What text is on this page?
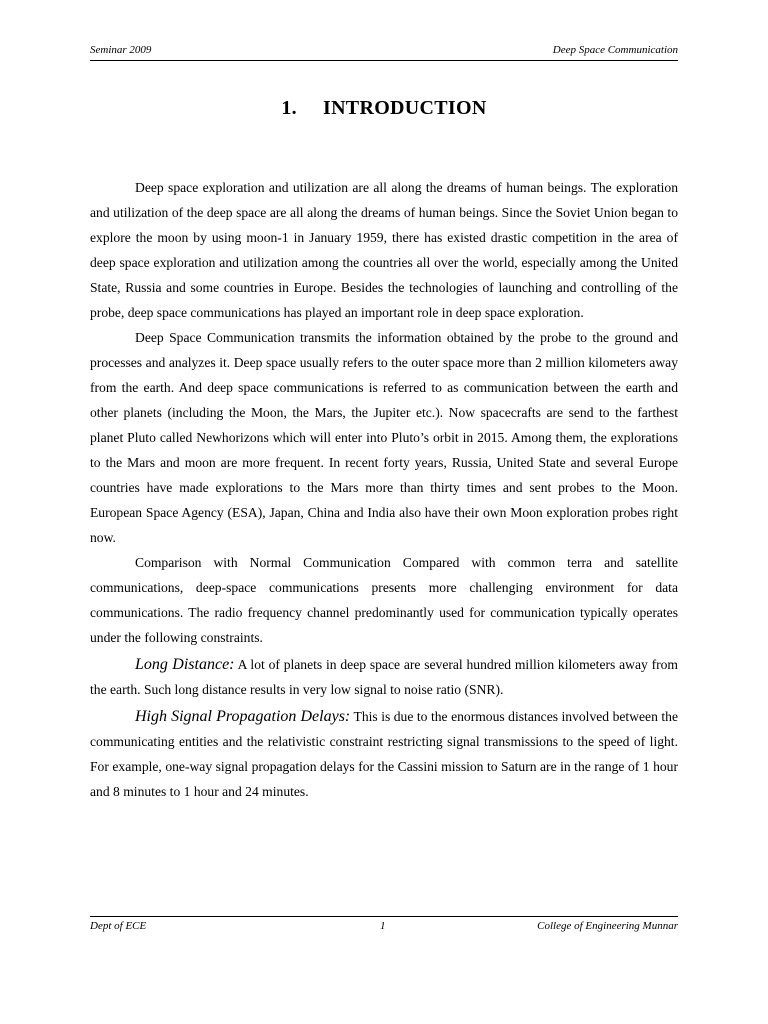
Seminar 2009	Deep Space Communication
1. INTRODUCTION

Deep space exploration and utilization are all along the dreams of human beings. The exploration and utilization of the deep space are all along the dreams of human beings. Since the Soviet Union began to explore the moon by using moon-1 in January 1959, there has existed drastic competition in the area of deep space exploration and utilization among the countries all over the world, especially among the United State, Russia and some countries in Europe. Besides the technologies of launching and controlling of the probe, deep space communications has played an important role in deep space exploration.

Deep Space Communication transmits the information obtained by the probe to the ground and processes and analyzes it. Deep space usually refers to the outer space more than 2 million kilometers away from the earth. And deep space communications is referred to as communication between the earth and other planets (including the Moon, the Mars, the Jupiter etc.). Now spacecrafts are send to the farthest planet Pluto called Newhorizons which will enter into Pluto’s orbit in 2015. Among them, the explorations to the Mars and moon are more frequent. In recent forty years, Russia, United State and several Europe countries have made explorations to the Mars more than thirty times and sent probes to the Moon. European Space Agency (ESA), Japan, China and India also have their own Moon exploration probes right now.

Comparison with Normal Communication Compared with common terra and satellite communications, deep-space communications presents more challenging environment for data communications. The radio frequency channel predominantly used for communication typically operates under the following constraints.

Long Distance: A lot of planets in deep space are several hundred million kilometers away from the earth. Such long distance results in very low signal to noise ratio (SNR).

High Signal Propagation Delays: This is due to the enormous distances involved between the communicating entities and the relativistic constraint restricting signal transmissions to the speed of light. For example, one-way signal propagation delays for the Cassini mission to Saturn are in the range of 1 hour and 8 minutes to 1 hour and 24 minutes.

Dept of ECE	1	College of Engineering Munnar
